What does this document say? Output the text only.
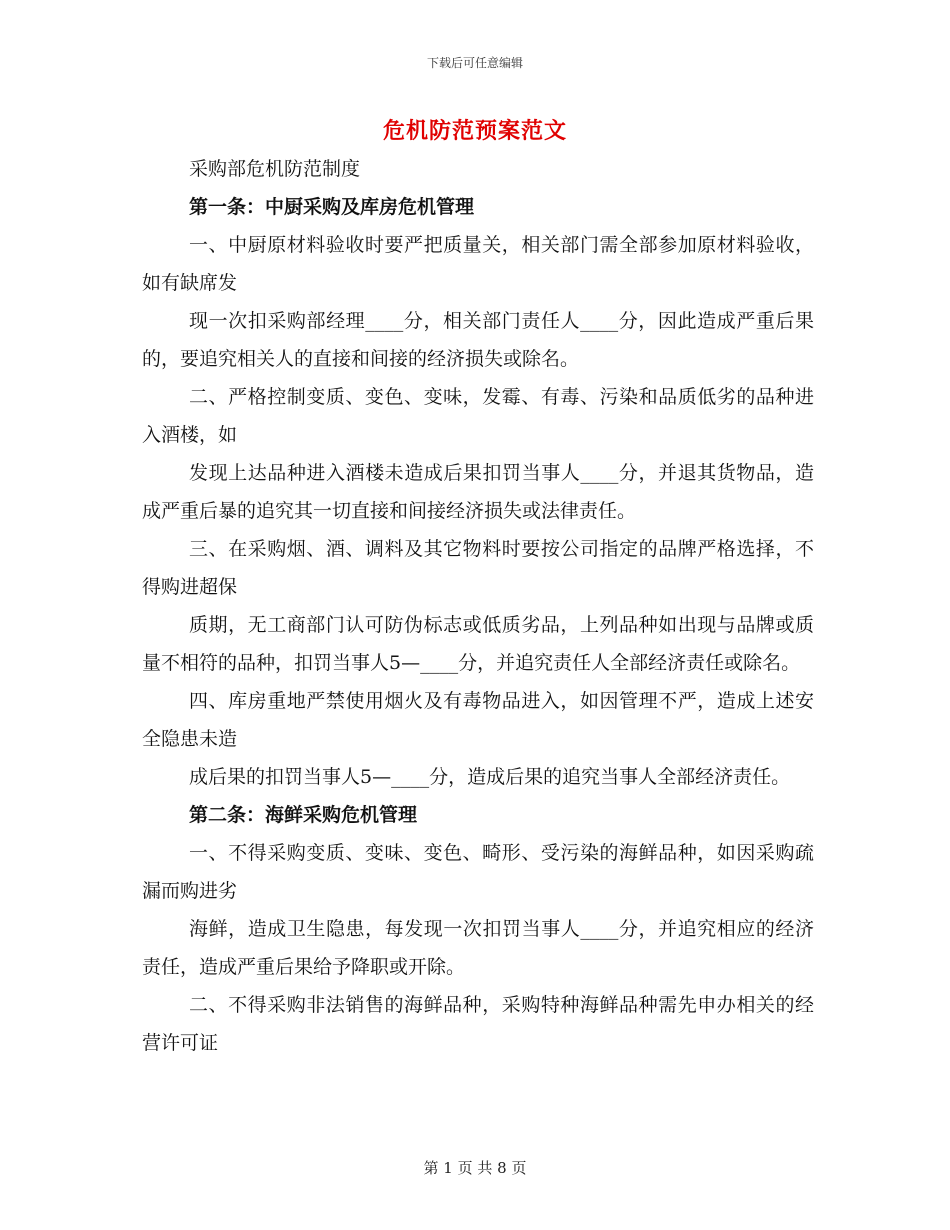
下载后可任意编辑
危机防范预案范文

采购部危机防范制度

第一条：中厨采购及库房危机管理

一、中厨原材料验收时要严把质量关，相关部门需全部参加原材料验收，如有缺席发

现一次扣采购部经理____分，相关部门责任人____分，因此造成严重后果的，要追究相关人的直接和间接的经济损失或除名。

二、严格控制变质、变色、变味，发霉、有毒、污染和品质低劣的品种进入酒楼，如

发现上达品种进入酒楼未造成后果扣罚当事人____分，并退其货物品，造成严重后暴的追究其一切直接和间接经济损失或法律责任。

三、在采购烟、酒、调料及其它物料时要按公司指定的品牌严格选择，不得购进超保

质期，无工商部门认可防伪标志或低质劣品，上列品种如出现与品牌或质量不相符的品种，扣罚当事人5—____分，并追究责任人全部经济责任或除名。

四、库房重地严禁使用烟火及有毒物品进入，如因管理不严，造成上述安全隐患未造

成后果的扣罚当事人5—____分，造成后果的追究当事人全部经济责任。

第二条：海鲜采购危机管理

一、不得采购变质、变味、变色、畸形、受污染的海鲜品种，如因采购疏漏而购进劣

海鲜，造成卫生隐患，每发现一次扣罚当事人____分，并追究相应的经济责任，造成严重后果给予降职或开除。

二、不得采购非法销售的海鲜品种，采购特种海鲜品种需先申办相关的经营许可证

第 1 页 共 8 页
